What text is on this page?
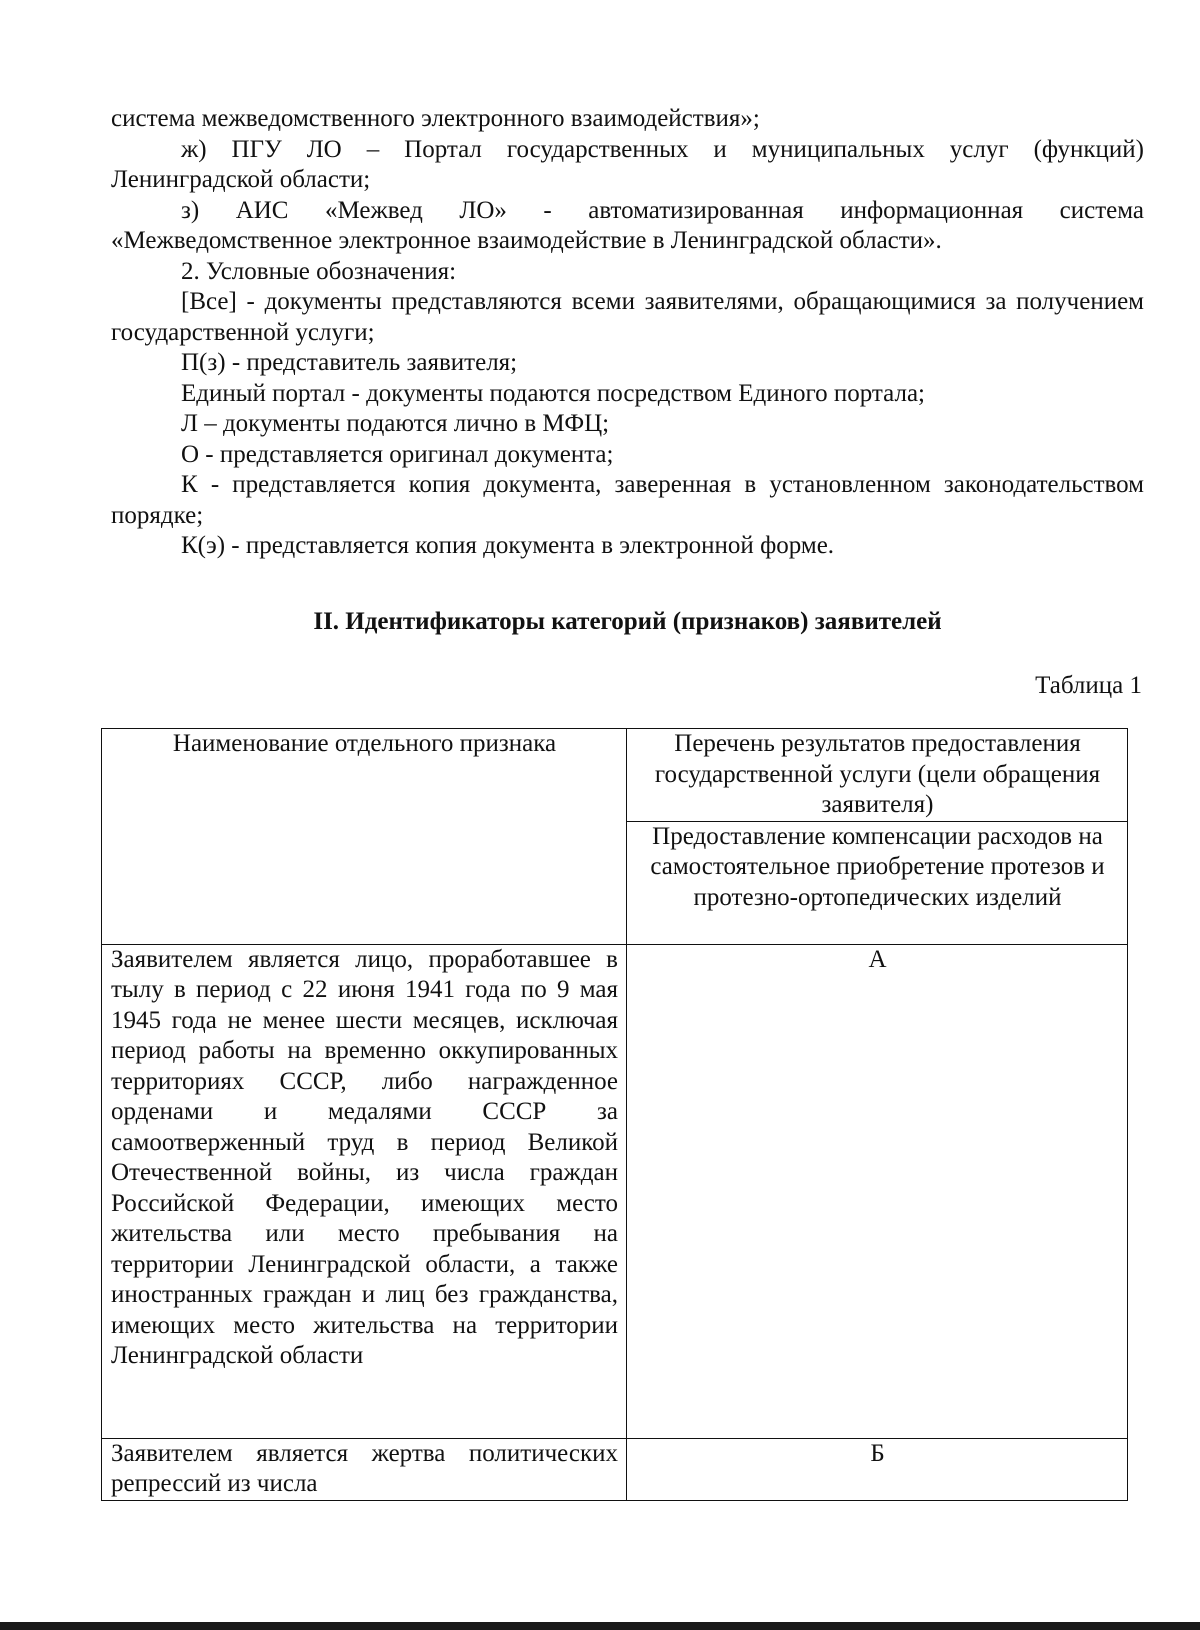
система межведомственного электронного взаимодействия»;

ж) ПГУ ЛО – Портал государственных и муниципальных услуг (функций) Ленинградской области;

з) АИС «Межвед ЛО» - автоматизированная информационная система «Межведомственное электронное взаимодействие в Ленинградской области».

2. Условные обозначения:

[Все] - документы представляются всеми заявителями, обращающимися за получением государственной услуги;

П(з) - представитель заявителя;

Единый портал - документы подаются посредством Единого портала;

Л – документы подаются лично в МФЦ;

О - представляется оригинал документа;

К - представляется копия документа, заверенная в установленном законодательством порядке;

К(э) - представляется копия документа в электронной форме.

II. Идентификаторы категорий (признаков) заявителей

Таблица 1

Наименование отдельного признака	Перечень результатов предоставления государственной услуги (цели обращения заявителя)
	Предоставление компенсации расходов на самостоятельное приобретение протезов и протезно-ортопедических изделий
Заявителем является лицо, проработавшее в тылу в период с 22 июня 1941 года по 9 мая 1945 года не менее шести месяцев, исключая период работы на временно оккупированных территориях СССР, либо награжденное орденами и медалями СССР за самоотверженный труд в период Великой Отечественной войны, из числа граждан Российской Федерации, имеющих место жительства или место пребывания на территории Ленинградской области, а также иностранных граждан и лиц без гражданства, имеющих место жительства на территории Ленинградской области	А
Заявителем является жертва политических репрессий из числа	Б
